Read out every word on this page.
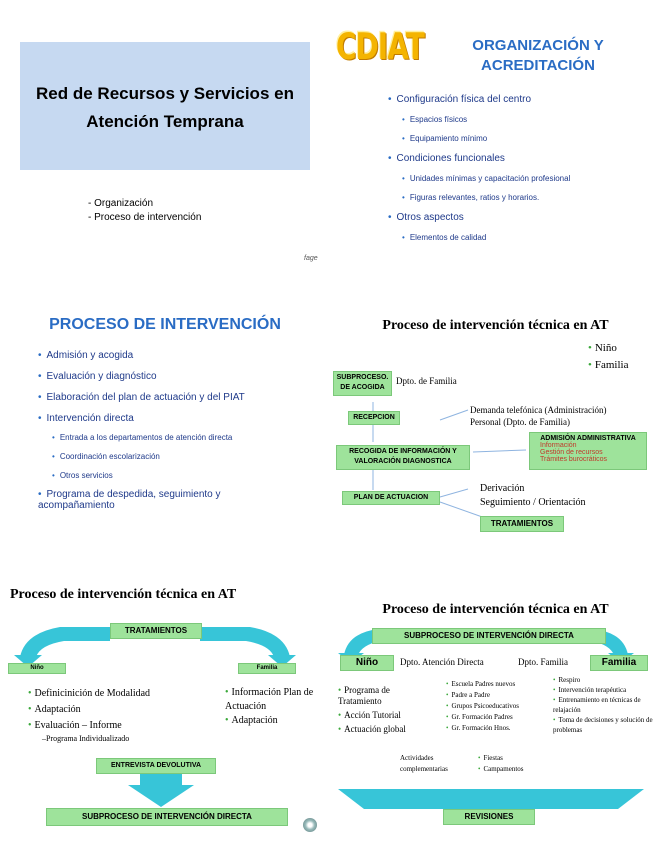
Red de Recursos y Servicios en
Atención Temprana
- Organización
- Proceso de intervención
fage
CDIAT	ORGANIZACIÓN Y
ACREDITACIÓN
• Configuración física del centro
• Espacios físicos
• Equipamiento mínimo
• Condiciones funcionales
• Unidades mínimas y capacitación profesional
• Figuras relevantes, ratios y horarios.
• Otros aspectos
• Elementos de calidad
PROCESO DE INTERVENCIÓN
• Admisión y acogida
• Evaluación y diagnóstico
• Elaboración del plan de actuación y del PIAT
• Intervención directa
• Entrada a los departamentos de atención directa
• Coordinación escolarización
• Otros servicios
• Programa de despedida, seguimiento y
acompañamiento
Proceso de intervención técnica en AT
• Niño
• Familia
SUBPROCESO. DE ACOGIDA
Dpto. de Familia
RECEPCION
Demanda telefónica (Administración)
Personal (Dpto. de Familia)
RECOGIDA DE INFORMACIÓN Y VALORACIÓN DIAGNOSTICA
ADMISIÓN ADMINISTRATIVA
Información
Gestión de recursos
Trámites burocráticos
PLAN DE ACTUACION
Derivación
Seguimiento / Orientación
TRATAMIENTOS
Proceso de intervención técnica en AT
TRATAMIENTOS
Niño	Familia
• Definicinición de Modalidad
• Adaptación
• Evaluación – Informe
–Programa Individualizado
• Información Plan de Actuación
• Adaptación
ENTREVISTA DEVOLUTIVA
SUBPROCESO DE INTERVENCIÓN DIRECTA
Proceso de intervención técnica en AT
SUBPROCESO DE INTERVENCIÓN DIRECTA
Niño	Familia
Dpto. Atención Directa	Dpto. Familia
• Programa de Tratamiento
• Acción Tutorial
• Actuación global
• Escuela Padres nuevos
• Padre a Padre
• Grupos Psicoeducativos
• Gr. Formación Padres
• Gr. Formación Hnos.
• Respiro
• Intervención terapéutica
• Entrenamiento en técnicas de relajación
• Toma de decisiones y solución de problemas
Actividades complementarias
• Fiestas
• Campamentos
REVISIONES
